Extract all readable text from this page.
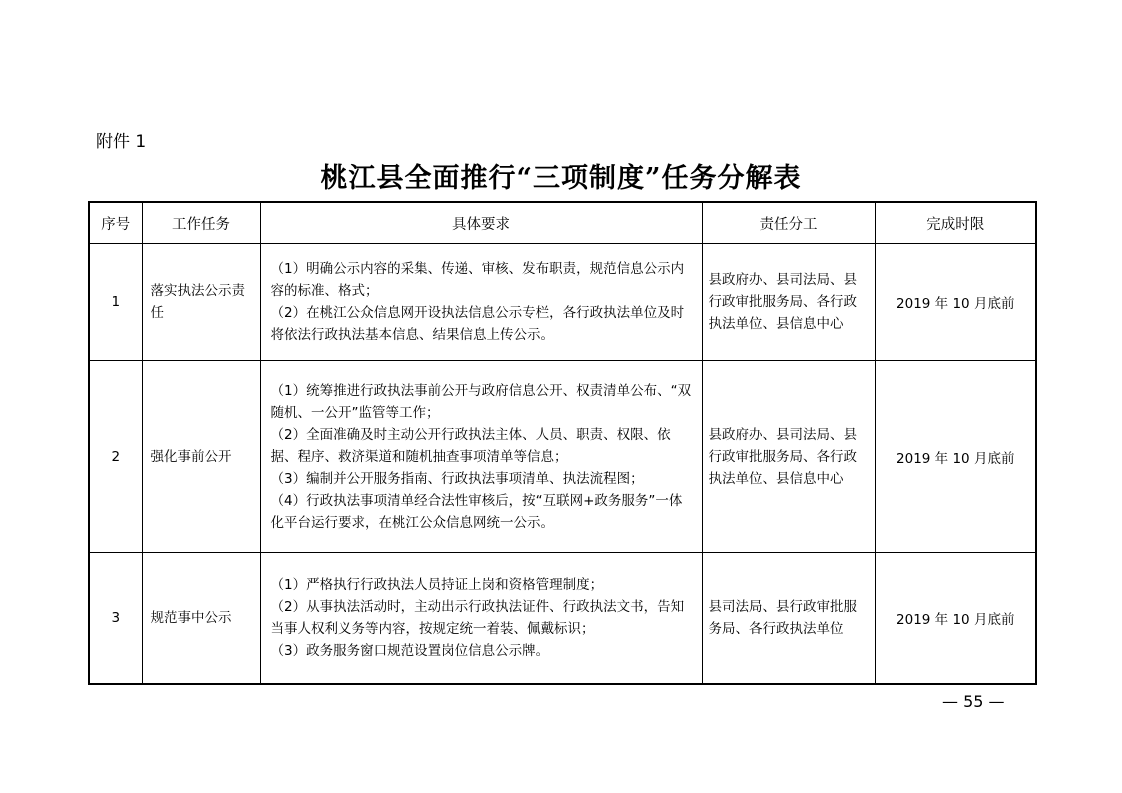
附件 1
桃江县全面推行“三项制度”任务分解表
序号	工作任务	具体要求	责任分工	完成时限
1	落实执法公示责任	（1）明确公示内容的采集、传递、审核、发布职责，规范信息公示内容的标准、格式；
（2）在桃江公众信息网开设执法信息公示专栏，各行政执法单位及时将依法行政执法基本信息、结果信息上传公示。	县政府办、县司法局、县行政审批服务局、各行政执法单位、县信息中心	2019 年 10 月底前
2	强化事前公开	（1）统筹推进行政执法事前公开与政府信息公开、权责清单公布、“双随机、一公开”监管等工作；
（2）全面准确及时主动公开行政执法主体、人员、职责、权限、依据、程序、救济渠道和随机抽查事项清单等信息；
（3）编制并公开服务指南、行政执法事项清单、执法流程图；
（4）行政执法事项清单经合法性审核后，按“互联网+政务服务”一体化平台运行要求，在桃江公众信息网统一公示。	县政府办、县司法局、县行政审批服务局、各行政执法单位、县信息中心	2019 年 10 月底前
3	规范事中公示	（1）严格执行行政执法人员持证上岗和资格管理制度；
（2）从事执法活动时，主动出示行政执法证件、行政执法文书，告知当事人权利义务等内容，按规定统一着装、佩戴标识；
（3）政务服务窗口规范设置岗位信息公示牌。	县司法局、县行政审批服务局、各行政执法单位	2019 年 10 月底前
— 55 —
